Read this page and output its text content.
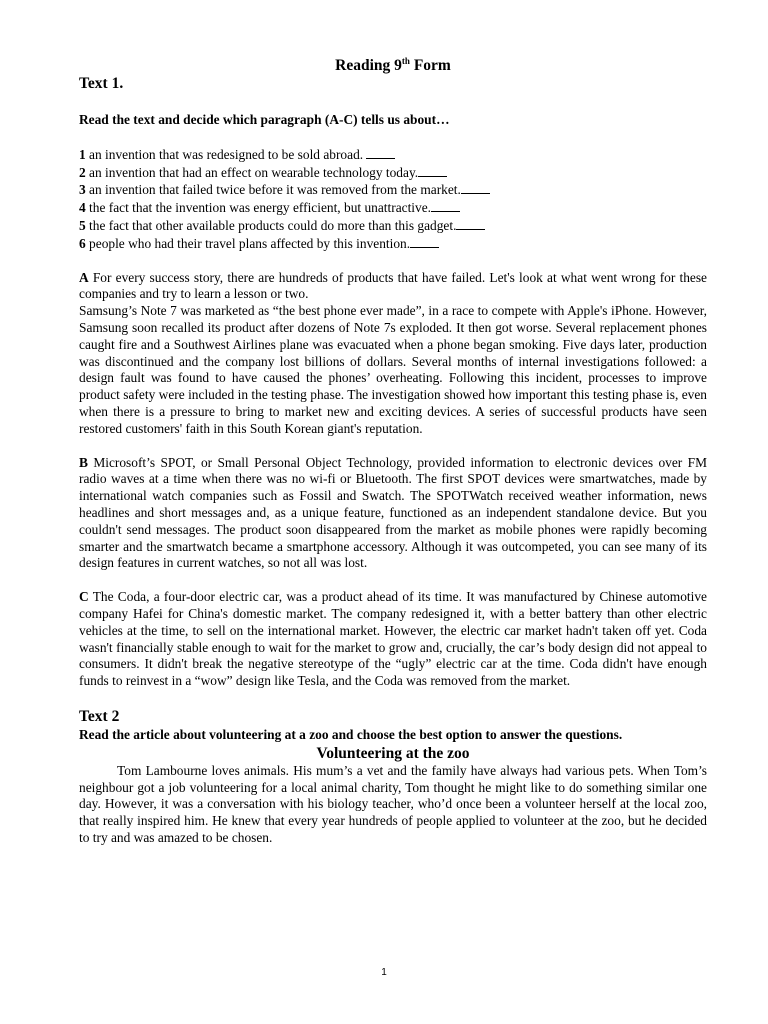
Reading 9th Form
Text 1.
Read the text and decide which paragraph (A-C) tells us about…
1 an invention that was redesigned to be sold abroad.
2 an invention that had an effect on wearable technology today.
3 an invention that failed twice before it was removed from the market.
4 the fact that the invention was energy efficient, but unattractive.
5 the fact that other available products could do more than this gadget.
6 people who had their travel plans affected by this invention.

A For every success story, there are hundreds of products that have failed. Let's look at what went wrong for these companies and try to learn a lesson or two.

Samsung’s Note 7 was marketed as “the best phone ever made”, in a race to compete with Apple's iPhone. However, Samsung soon recalled its product after dozens of Note 7s exploded. It then got worse. Several replacement phones caught fire and a Southwest Airlines plane was evacuated when a phone began smoking. Five days later, production was discontinued and the company lost billions of dollars. Several months of internal investigations followed: a design fault was found to have caused the phones’ overheating. Following this incident, processes to improve product safety were included in the testing phase. The investigation showed how important this testing phase is, even when there is a pressure to bring to market new and exciting devices. A series of successful products have seen restored customers' faith in this South Korean giant's reputation.

B Microsoft’s SPOT, or Small Personal Object Technology, provided information to electronic devices over FM radio waves at a time when there was no wi-fi or Bluetooth. The first SPOT devices were smartwatches, made by international watch companies such as Fossil and Swatch. The SPOTWatch received weather information, news headlines and short messages and, as a unique feature, functioned as an independent standalone device. But you couldn't send messages. The product soon disappeared from the market as mobile phones were rapidly becoming smarter and the smartwatch became a smartphone accessory. Although it was outcompeted, you can see many of its design features in current watches, so not all was lost.

C The Coda, a four-door electric car, was a product ahead of its time. It was manufactured by Chinese automotive company Hafei for China's domestic market. The company redesigned it, with a better battery than other electric vehicles at the time, to sell on the international market. However, the electric car market hadn't taken off yet. Coda wasn't financially stable enough to wait for the market to grow and, crucially, the car’s body design did not appeal to consumers. It didn't break the negative stereotype of the “ugly” electric car at the time. Coda didn't have enough funds to reinvest in a “wow” design like Tesla, and the Coda was removed from the market.

Text 2
Read the article about volunteering at a zoo and choose the best option to answer the questions.
Volunteering at the zoo
Tom Lambourne loves animals. His mum’s a vet and the family have always had various pets. When Tom’s neighbour got a job volunteering for a local animal charity, Tom thought he might like to do something similar one day. However, it was a conversation with his biology teacher, who’d once been a volunteer herself at the local zoo, that really inspired him. He knew that every year hundreds of people applied to volunteer at the zoo, but he decided to try and was amazed to be chosen.
1
